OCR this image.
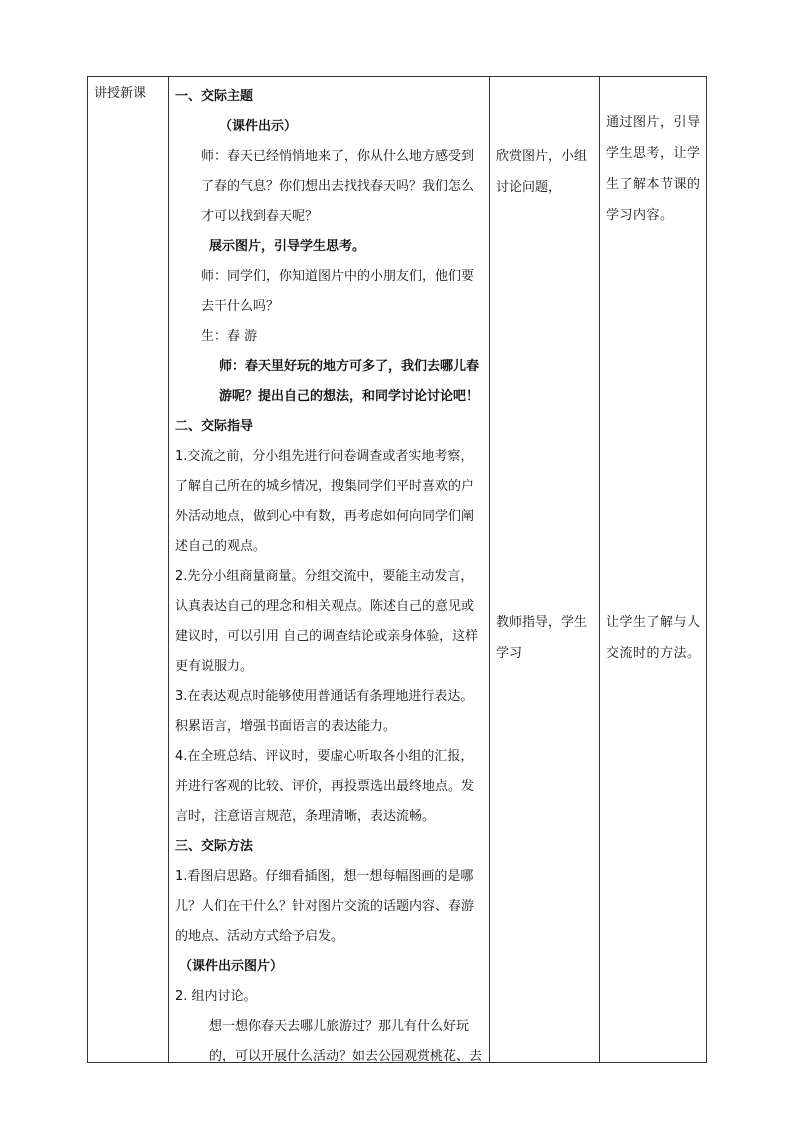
讲授新课	一、交际主题

（课件出示）

师：春天已经悄悄地来了，你从什么地方感受到了春的气息？你们想出去找找春天吗？我们怎么才可以找到春天呢？

展示图片，引导学生思考。

师：同学们，你知道图片中的小朋友们，他们要去干什么吗？

生：春 游

师：春天里好玩的地方可多了，我们去哪儿春游呢？提出自己的想法，和同学讨论讨论吧！

二、交际指导

1.交流之前，分小组先进行问卷调查或者实地考察，了解自己所在的城乡情况，搜集同学们平时喜欢的户外活动地点，做到心中有数，再考虑如何向同学们阐述自己的观点。

2.先分小组商量商量。分组交流中，要能主动发言，认真表达自己的理念和相关观点。陈述自己的意见或建议时，可以引用 自己的调查结论或亲身体验，这样更有说服力。

3.在表达观点时能够使用普通话有条理地进行表达。积累语言，增强书面语言的表达能力。

4.在全班总结、评议时，要虚心听取各小组的汇报，并进行客观的比较、评价，再投票选出最终地点。发言时，注意语言规范，条理清晰，表达流畅。

三、交际方法

1.看图启思路。仔细看插图，想一想每幅图画的是哪儿？人们在干什么？针对图片交流的话题内容、春游的地点、活动方式给予启发。

（课件出示图片）

2. 组内讨论。

想一想你春天去哪儿旅游过？那儿有什么好玩的，可以开展什么活动？如去公园观赏桃花、去

欣赏图片，小组讨论问题，
教师指导，学生学习
通过图片，引导学生思考，让学生了解本节课的学习内容。
让学生了解与人交流时的方法。
